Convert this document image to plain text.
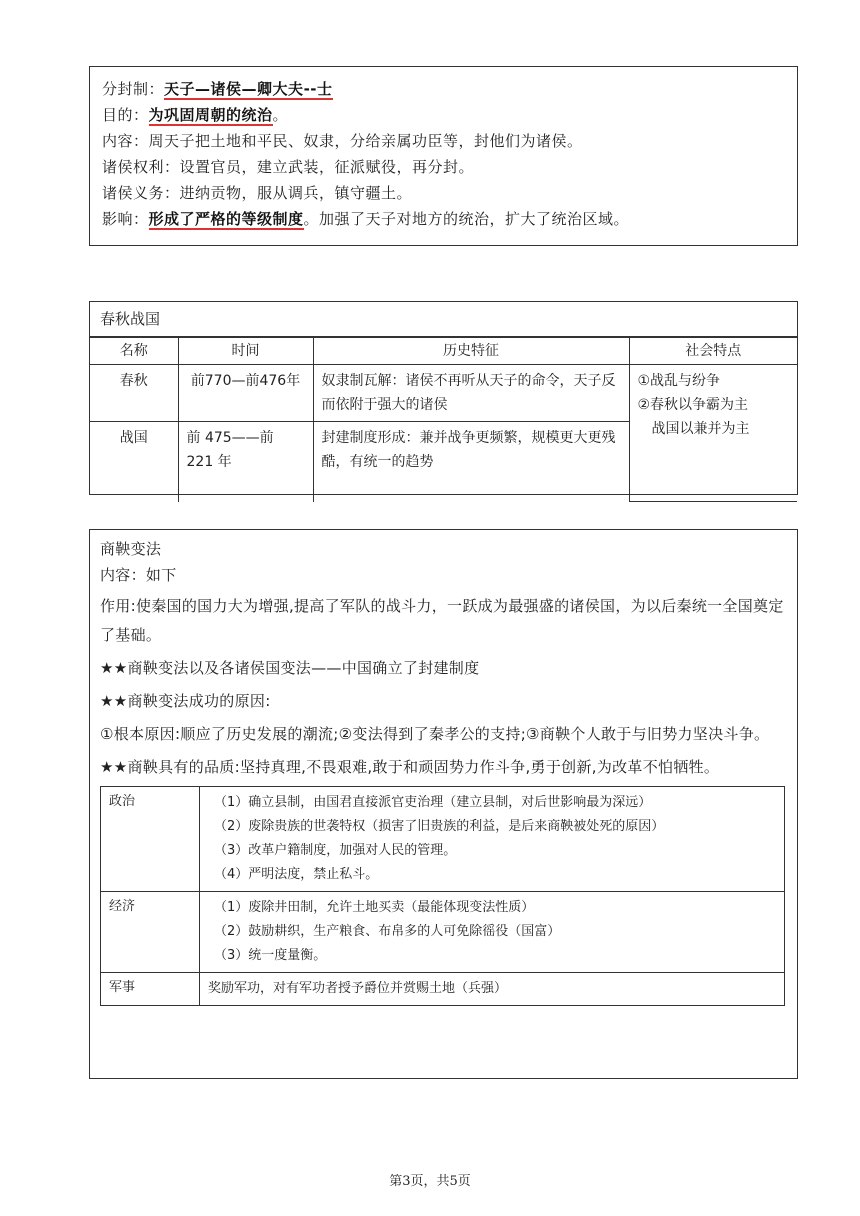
分封制：天子—诸侯—卿大夫--士
目的：为巩固周朝的统治。
内容：周天子把土地和平民、奴隶，分给亲属功臣等，封他们为诸侯。
诸侯权利：设置官员，建立武装，征派赋役，再分封。
诸侯义务：进纳贡物，服从调兵，镇守疆土。
影响：形成了严格的等级制度。加强了天子对地方的统治，扩大了统治区域。
春秋战国
名称	时间	历史特征	社会特点
春秋	前770—前476年	奴隶制瓦解：诸侯不再听从天子的命令，天子反而依附于强大的诸侯	①战乱与纷争
②春秋以争霸为主
战国以兼并为主

战国	前 475——前 221 年	封建制度形成：兼并战争更频繁，规模更大更残酷，有统一的趋势	
商鞅变法
内容：如下
作用:使秦国的国力大为增强,提高了军队的战斗力，一跃成为最强盛的诸侯国，为以后秦统一全国奠定了基础。
★★商鞅变法以及各诸侯国变法——中国确立了封建制度
★★商鞅变法成功的原因:
①根本原因:顺应了历史发展的潮流;②变法得到了秦孝公的支持;③商鞅个人敢于与旧势力坚决斗争。
★★商鞅具有的品质:坚持真理,不畏艰难,敢于和顽固势力作斗争,勇于创新,为改革不怕牺牲。
政治	（1）确立县制，由国君直接派官吏治理（建立县制，对后世影响最为深远）
（2）废除贵族的世袭特权（损害了旧贵族的利益，是后来商鞅被处死的原因）
（3）改革户籍制度，加强对人民的管理。
（4）严明法度，禁止私斗。

经济	（1）废除井田制，允许土地买卖（最能体现变法性质）
（2）鼓励耕织，生产粮食、布帛多的人可免除徭役（国富）
（3）统一度量衡。

军事	奖励军功，对有军功者授予爵位并赏赐土地（兵强）
第3页，共5页
